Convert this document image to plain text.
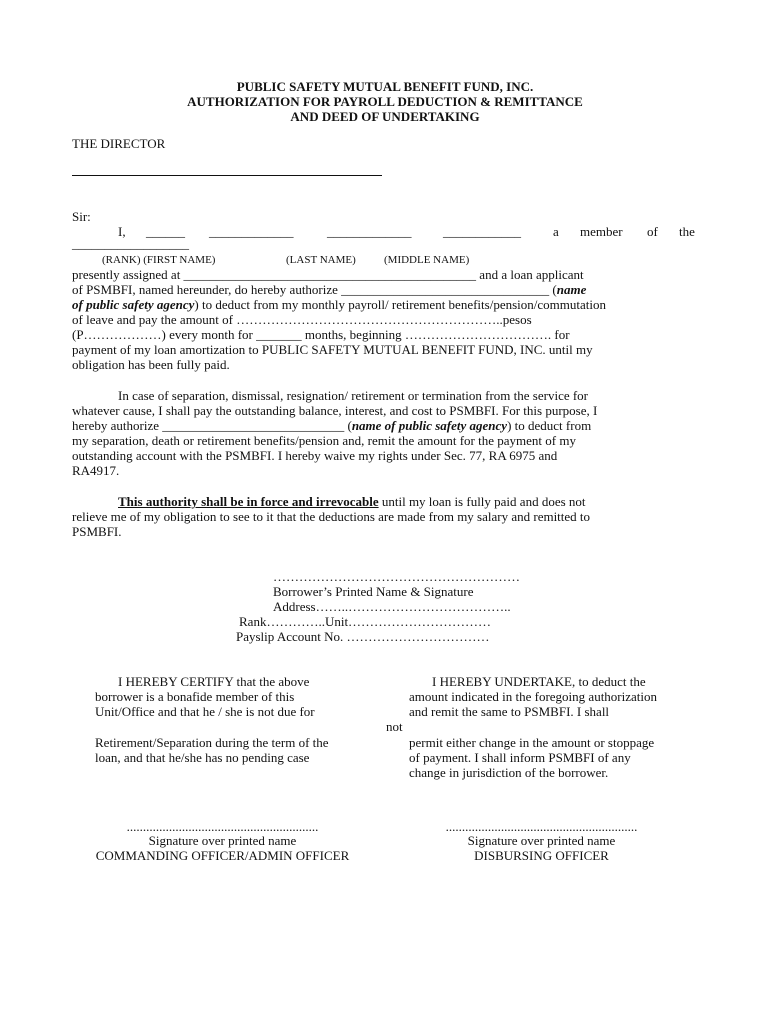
PUBLIC SAFETY MUTUAL BENEFIT FUND, INC.
AUTHORIZATION FOR PAYROLL DEDUCTION & REMITTANCE
AND DEED OF UNDERTAKING
THE DIRECTOR
Sir:
I, ______ _____________	_____________ ____________ a member of the
__________________
(RANK) (FIRST NAME)	(LAST NAME)	(MIDDLE NAME)
presently assigned at _____________________________________________ and a loan applicant
of PSMBFI, named hereunder, do hereby authorize ________________________________ (name
of public safety agency) to deduct from my monthly payroll/ retirement benefits/pension/commutation
of leave and pay the amount of ……………………………………………………..pesos
(P………………) every month for _______ months, beginning ……………………………. for
payment of my loan amortization to PUBLIC SAFETY MUTUAL BENEFIT FUND, INC. until my
obligation has been fully paid.
In case of separation, dismissal, resignation/ retirement or termination from the service for
whatever cause, I shall pay the outstanding balance, interest, and cost to PSMBFI. For this purpose, I
hereby authorize ____________________________ (name of public safety agency) to deduct from
my separation, death or retirement benefits/pension and, remit the amount for the payment of my
outstanding account with the PSMBFI. I hereby waive my rights under Sec. 77, RA 6975 and
RA4917.
This authority shall be in force and irrevocable until my loan is fully paid and does not
relieve me of my obligation to see to it that the deductions are made from my salary and remitted to
PSMBFI.
…………………………………………………
Borrower’s Printed Name & Signature
Address……..………………………………..
Rank…………..Unit……………………………
Payslip Account No. ……………………………
I HEREBY CERTIFY that the above
borrower is a bonafide member of this
Unit/Office and that he / she is not due for
Retirement/Separation during the term of the
loan, and that he/she has no pending case
I HEREBY UNDERTAKE, to deduct the
amount indicated in the foregoing authorization
and remit the same to PSMBFI. I shall
not
permit either change in the amount or stoppage
of payment. I shall inform PSMBFI of any
change in jurisdiction of the borrower.
...........................................................
Signature over printed name
COMMANDING OFFICER/ADMIN OFFICER
...........................................................
Signature over printed name
DISBURSING OFFICER
